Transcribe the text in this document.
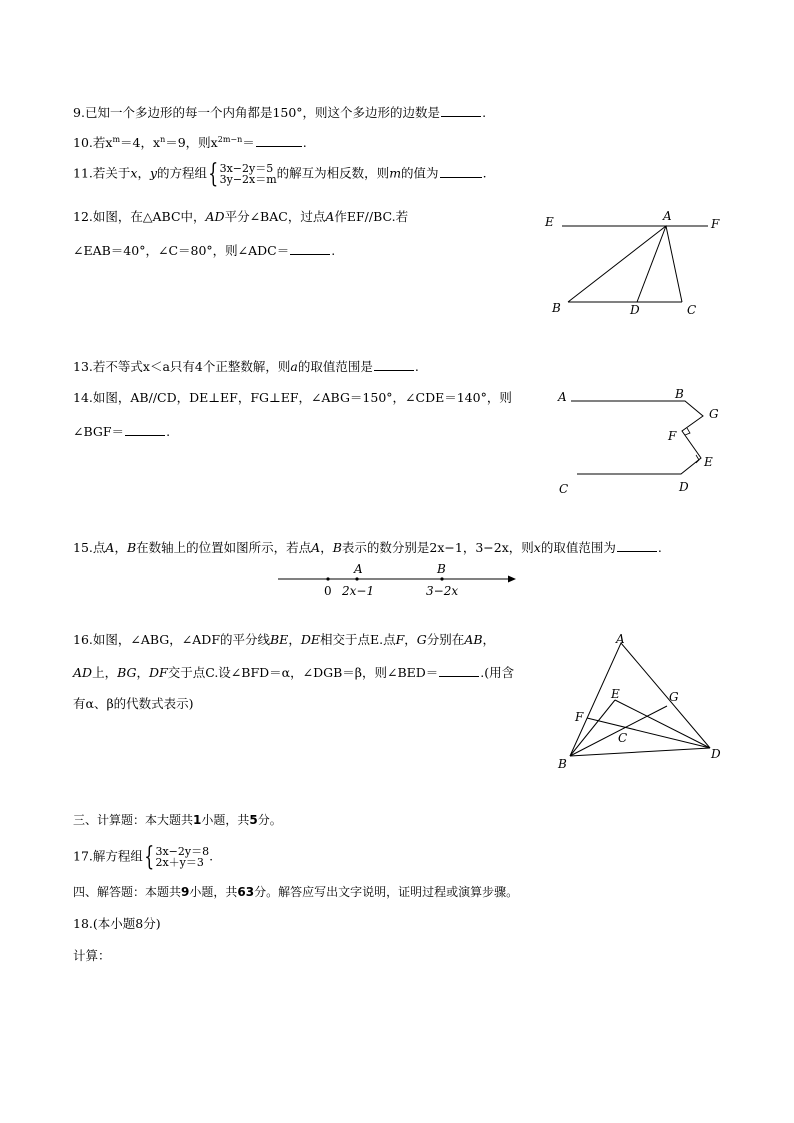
9.已知一个多边形的每一个内角都是150°，则这个多边形的边数是	.
10.若$x^m=4$，$x^n=9$，则$x^{2m-n}=$	.
11.若关于x，y的方程组 { 3x−2y＝5
3y−2x＝m 的解互为相反数，则m的值为	.
12.如图，在△ABC中，AD平分∠BAC，过点A作EF//BC.若
∠EAB＝40°，∠C＝80°，则∠ADC＝	.
E	A
F
B	D	C
13.若不等式x＜a只有4个正整数解，则a的取值范围是	.
14.如图，AB//CD，DE⊥EF，FG⊥EF，∠ABG＝150°，∠CDE＝140°，则
∠BGF＝	.
A	B
G
F
E
C	D
15.点A，B在数轴上的位置如图所示，若点A，B表示的数分别是2x−1，3−2x，则x的取值范围为	.
A	B
0 2x−1	3−2x
16.如图，∠ABG，∠ADF的平分线BE，DE相交于点E.点F，G分别在AB，
AD上，BG，DF交于点C.设∠BFD＝α，∠DGB＝β，则∠BED＝	.(用含
有α、β的代数式表示)
A
E	G
F
C
B
D
三、计算题：本大题共1小题，共5分。
17.解方程组 { 3x−2y＝8
2x＋y＝3 .
四、解答题：本题共9小题，共63分。解答应写出文字说明，证明过程或演算步骤。
18.(本小题8分)
计算：
